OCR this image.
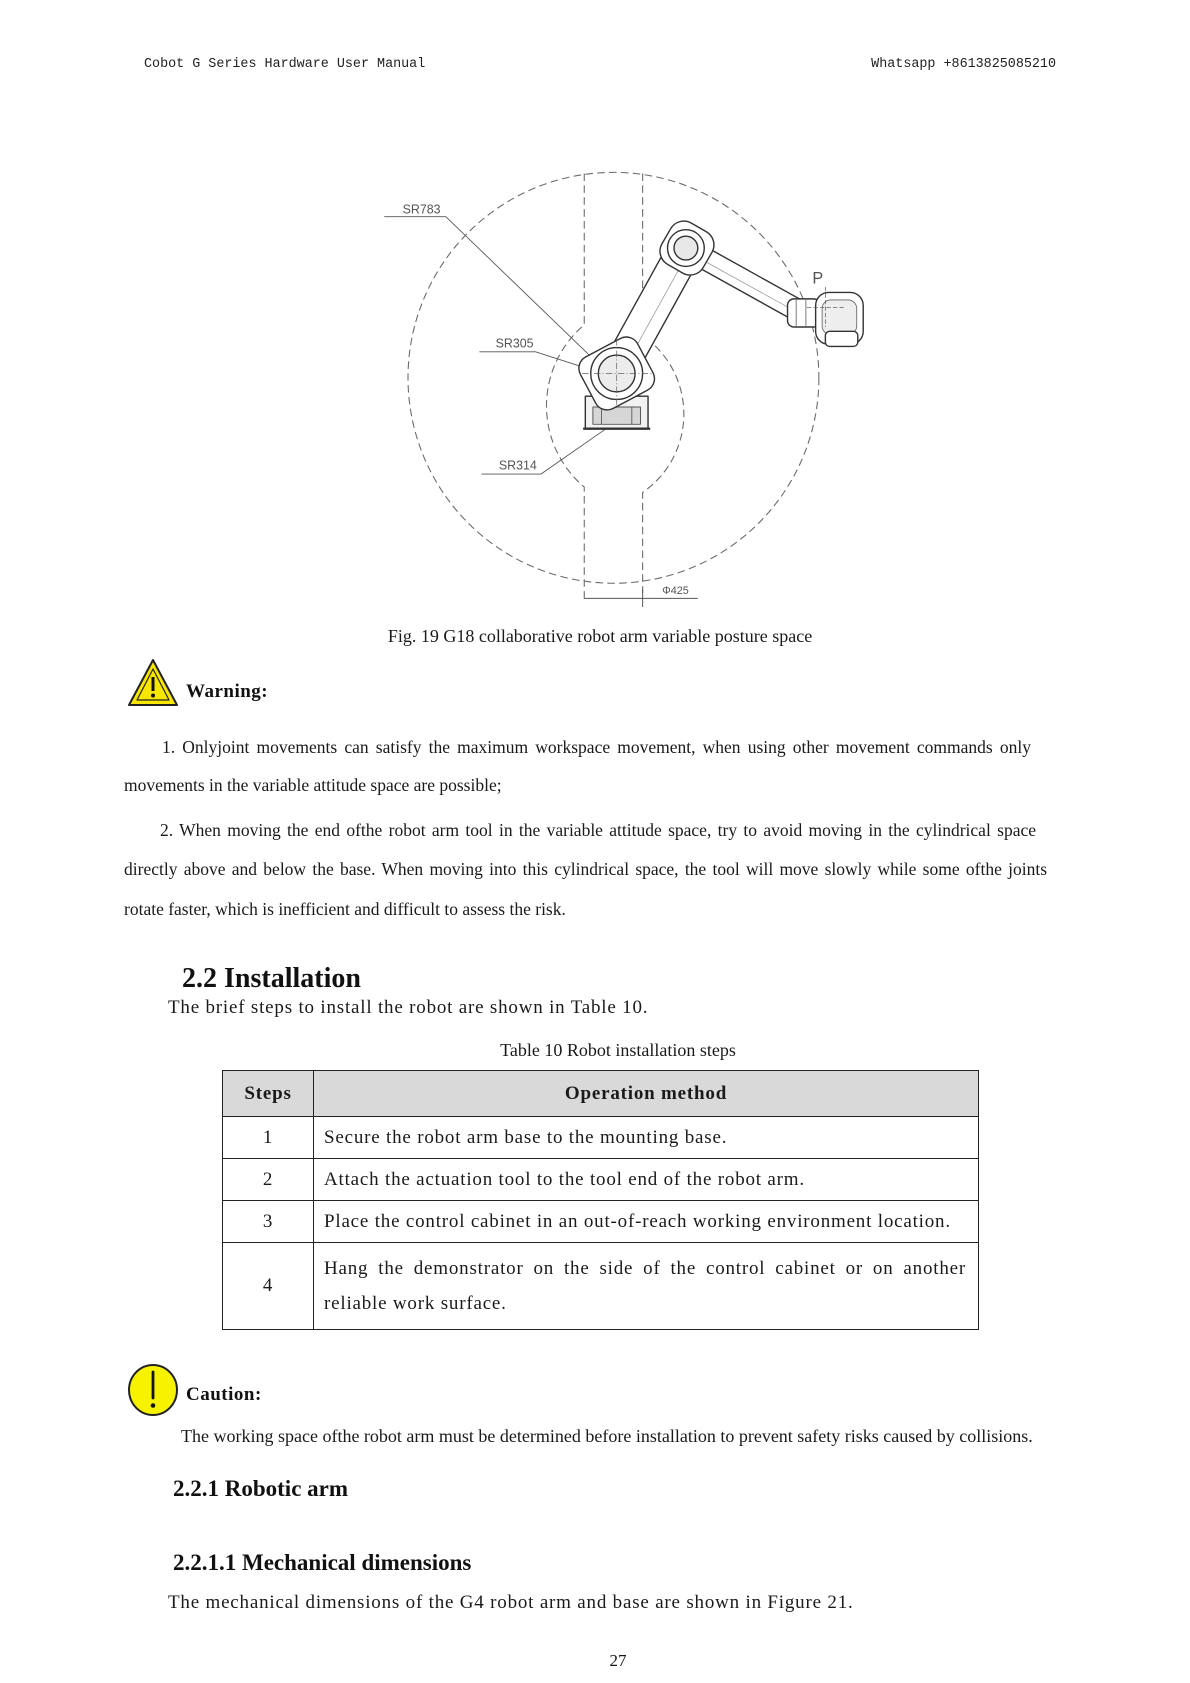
Cobot G Series Hardware User Manual	Whatsapp +8613825085210
Φ425
SR783
SR305
SR314
P
Fig. 19 G18 collaborative robot arm variable posture space
Warning:
1. Onlyjoint movements can satisfy the maximum workspace movement, when using other movement commands only
movements in the variable attitude space are possible;
2. When moving the end ofthe robot arm tool in the variable attitude space, try to avoid moving in the cylindrical space
directly above and below the base. When moving into this cylindrical space, the tool will move slowly while some ofthe joints
rotate faster, which is inefficient and difficult to assess the risk.
2.2 Installation
The brief steps to install the robot are shown in Table 10.
Table 10 Robot installation steps
Steps	Operation method
1	Secure the robot arm base to the mounting base.

2	Attach the actuation tool to the tool end of the robot arm.

3	Place the control cabinet in an out-of-reach working environment location.

4	Hang the demonstrator on the side of the control cabinet or on another
reliable work surface.
Caution:
The working space ofthe robot arm must be determined before installation to prevent safety risks caused by collisions.
2.2.1 Robotic arm
2.2.1.1 Mechanical dimensions
The mechanical dimensions of the G4 robot arm and base are shown in Figure 21.
27
